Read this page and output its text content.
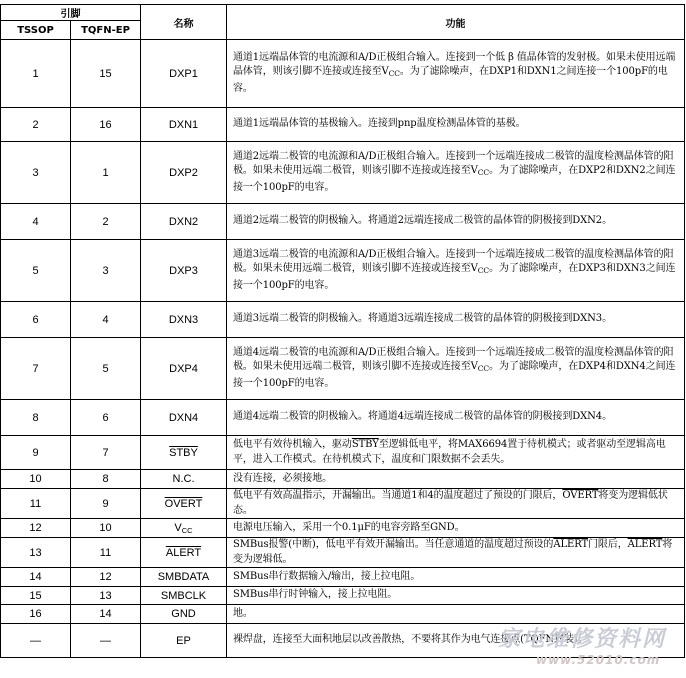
引脚		名称	功能
TSSOP	TQFN-EP		
1	15	DXP1	通道1远端晶体管的电流源和A/D正极组合输入。连接到一个低 β 值晶体管的发射极。如果未使用远端晶体管，则该引脚不连接或连接至$V_{CC}$。为了滤除噪声，在DXP1和DXN1之间连接一个100pF的电容。
2	16	DXN1	通道1远端晶体管的基极输入。连接到pnp温度检测晶体管的基极。
3	1	DXP2	通道2远端二极管的电流源和A/D正极组合输入。连接到一个远端连接成二极管的温度检测晶体管的阳极。如果未使用远端二极管，则该引脚不连接或连接至$V_{CC}$。为了滤除噪声，在DXP2和DXN2之间连接一个100pF的电容。
4	2	DXN2	通道2远端二极管的阴极输入。将通道2远端连接成二极管的晶体管的阴极接到DXN2。
5	3	DXP3	通道3远端二极管的电流源和A/D正极组合输入。连接到一个远端连接成二极管的温度检测晶体管的阳极。如果未使用远端二极管，则该引脚不连接或连接至$V_{CC}$。为了滤除噪声，在DXP3和DXN3之间连接一个100pF的电容。
6	4	DXN3	通道3远端二极管的阴极输入。将通道3远端连接成二极管的晶体管的阴极接到DXN3。
7	5	DXP4	通道4远端二极管的电流源和A/D正极组合输入。连接到一个远端连接成二极管的温度检测晶体管的阳极。如果未使用远端二极管，则该引脚不连接或连接至$V_{CC}$。为了滤除噪声，在DXP4和DXN4之间连接一个100pF的电容。
8	6	DXN4	通道4远端二极管的阴极输入。将通道4远端连接成二极管的晶体管的阴极接到DXN4。
9	7	STBY	低电平有效待机输入，驱动STBY至逻辑低电平，将MAX6694置于待机模式；或者驱动至逻辑高电平，进入工作模式。在待机模式下，温度和门限数据不会丢失。
10	8	N.C.	没有连接，必须接地。
11	9	OVERT	低电平有效高温指示，开漏输出。当通道1和4的温度超过了预设的门限后，OVERT将变为逻辑低状态。
12	10	$V_{CC}$	电源电压输入，采用一个0.1μF的电容旁路至GND。
13	11	ALERT	SMBus报警(中断)，低电平有效开漏输出。当任意通道的温度超过预设的ALERT门限后，ALERT将变为逻辑低。
14	12	SMBDATA	SMBus串行数据输入/输出，接上拉电阻。
15	13	SMBCLK	SMBus串行时钟输入，接上拉电阻。
16	14	GND	地。
—	—	EP	裸焊盘，连接至大面积地层以改善散热，不要将其作为电气连接点(TQFN封装)。
家电维修资料网
www.52010.com
